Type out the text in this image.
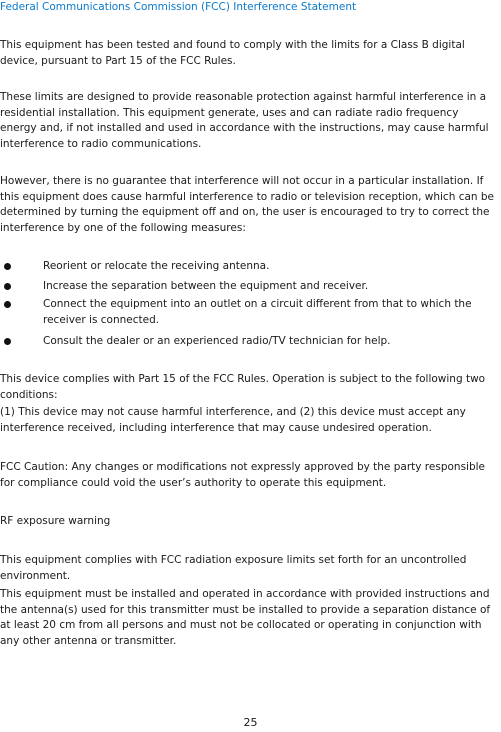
Federal Communications Commission (FCC) Interference Statement

This equipment has been tested and found to comply with the limits for a Class B digital device, pursuant to Part 15 of the FCC Rules.

These limits are designed to provide reasonable protection against harmful interference in a residential installation. This equipment generate, uses and can radiate radio frequency energy and, if not installed and used in accordance with the instructions, may cause harmful interference to radio communications.

However, there is no guarantee that interference will not occur in a particular installation. If this equipment does cause harmful interference to radio or television reception, which can be determined by turning the equipment off and on, the user is encouraged to try to correct the interference by one of the following measures:

Reorient or relocate the receiving antenna.
Increase the separation between the equipment and receiver.
Connect the equipment into an outlet on a circuit different from that to which the receiver is connected.
Consult the dealer or an experienced radio/TV technician for help.

This device complies with Part 15 of the FCC Rules. Operation is subject to the following two conditions:

(1) This device may not cause harmful interference, and (2) this device must accept any interference received, including interference that may cause undesired operation.

FCC Caution: Any changes or modifications not expressly approved by the party responsible for compliance could void the user’s authority to operate this equipment.

RF exposure warning

This equipment complies with FCC radiation exposure limits set forth for an uncontrolled environment.

This equipment must be installed and operated in accordance with provided instructions and the antenna(s) used for this transmitter must be installed to provide a separation distance of at least 20 cm from all persons and must not be collocated or operating in conjunction with any other antenna or transmitter.

25
